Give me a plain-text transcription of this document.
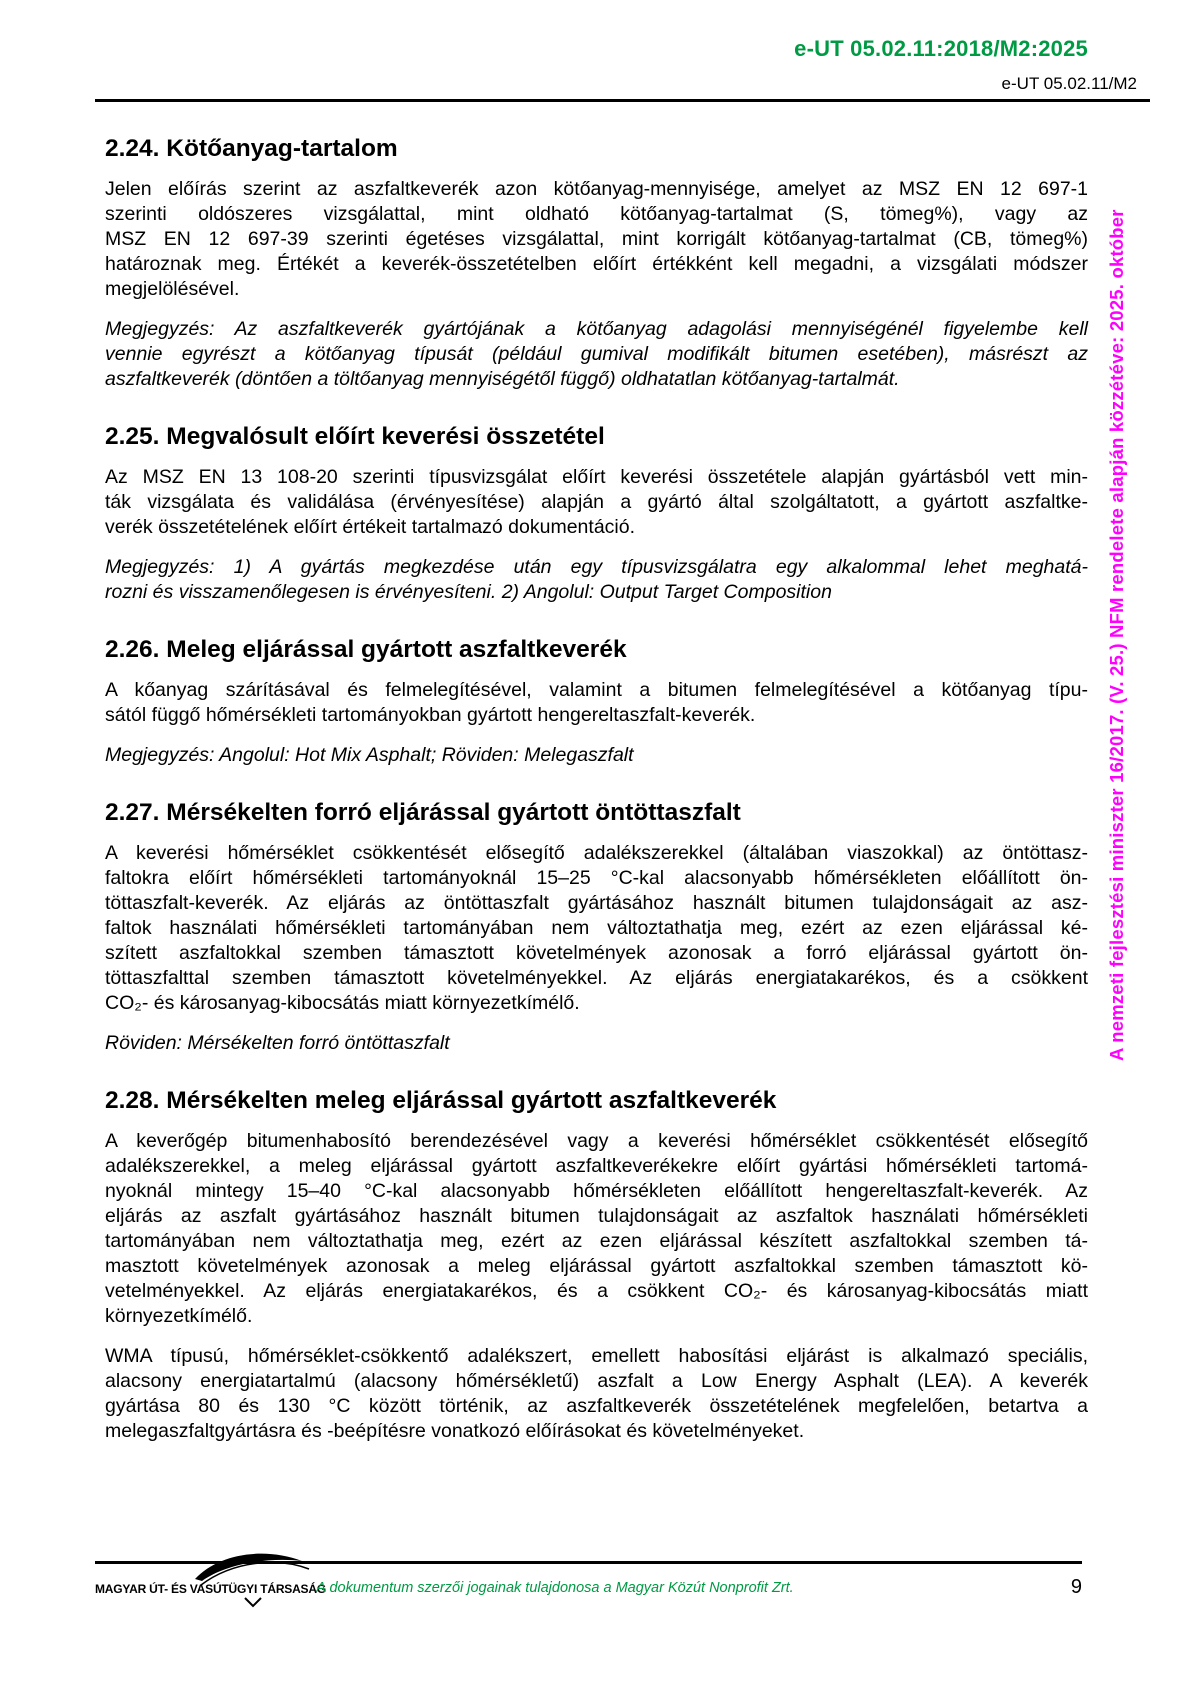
e-UT 05.02.11:2018/M2:2025
e-UT 05.02.11/M2
A nemzeti fejlesztési miniszter 16/2017. (V. 25.) NFM rendelete alapján közzétéve: 2025. október
2.24. Kötőanyag-tartalom
Jelen előírás szerint az aszfaltkeverék azon kötőanyag-mennyisége, amelyet az MSZ EN 12 697-1
szerinti oldószeres vizsgálattal, mint oldható kötőanyag-tartalmat (S, tömeg%), vagy az
MSZ EN 12 697-39 szerinti égetéses vizsgálattal, mint korrigált kötőanyag-tartalmat (CB, tömeg%)
határoznak meg. Értékét a keverék-összetételben előírt értékként kell megadni, a vizsgálati módszer
megjelölésével.
Megjegyzés: Az aszfaltkeverék gyártójának a kötőanyag adagolási mennyiségénél figyelembe kell
vennie egyrészt a kötőanyag típusát (például gumival modifikált bitumen esetében), másrészt az
aszfaltkeverék (döntően a töltőanyag mennyiségétől függő) oldhatatlan kötőanyag-tartalmát.
2.25. Megvalósult előírt keverési összetétel
Az MSZ EN 13 108-20 szerinti típusvizsgálat előírt keverési összetétele alapján gyártásból vett min-
ták vizsgálata és validálása (érvényesítése) alapján a gyártó által szolgáltatott, a gyártott aszfaltke-
verék összetételének előírt értékeit tartalmazó dokumentáció.
Megjegyzés: 1) A gyártás megkezdése után egy típusvizsgálatra egy alkalommal lehet meghatá-
rozni és visszamenőlegesen is érvényesíteni. 2) Angolul: Output Target Composition
2.26. Meleg eljárással gyártott aszfaltkeverék
A kőanyag szárításával és felmelegítésével, valamint a bitumen felmelegítésével a kötőanyag típu-
sától függő hőmérsékleti tartományokban gyártott hengereltaszfalt-keverék.
Megjegyzés: Angolul: Hot Mix Asphalt; Röviden: Melegaszfalt
2.27. Mérsékelten forró eljárással gyártott öntöttaszfalt
A keverési hőmérséklet csökkentését elősegítő adalékszerekkel (általában viaszokkal) az öntöttasz-
faltokra előírt hőmérsékleti tartományoknál 15–25 °C-kal alacsonyabb hőmérsékleten előállított ön-
töttaszfalt-keverék. Az eljárás az öntöttaszfalt gyártásához használt bitumen tulajdonságait az asz-
faltok használati hőmérsékleti tartományában nem változtathatja meg, ezért az ezen eljárással ké-
szített aszfaltokkal szemben támasztott követelmények azonosak a forró eljárással gyártott ön-
töttaszfalttal szemben támasztott követelményekkel. Az eljárás energiatakarékos, és a csökkent
CO₂- és károsanyag-kibocsátás miatt környezetkímélő.
Röviden: Mérsékelten forró öntöttaszfalt
2.28. Mérsékelten meleg eljárással gyártott aszfaltkeverék
A keverőgép bitumenhabosító berendezésével vagy a keverési hőmérséklet csökkentését elősegítő
adalékszerekkel, a meleg eljárással gyártott aszfaltkeverékekre előírt gyártási hőmérsékleti tartomá-
nyoknál mintegy 15–40 °C-kal alacsonyabb hőmérsékleten előállított hengereltaszfalt-keverék. Az
eljárás az aszfalt gyártásához használt bitumen tulajdonságait az aszfaltok használati hőmérsékleti
tartományában nem változtathatja meg, ezért az ezen eljárással készített aszfaltokkal szemben tá-
masztott követelmények azonosak a meleg eljárással gyártott aszfaltokkal szemben támasztott kö-
vetelményekkel. Az eljárás energiatakarékos, és a csökkent CO₂- és károsanyag-kibocsátás miatt
környezetkímélő.
WMA típusú, hőmérséklet-csökkentő adalékszert, emellett habosítási eljárást is alkalmazó speciális,
alacsony energiatartalmú (alacsony hőmérsékletű) aszfalt a Low Energy Asphalt (LEA). A keverék
gyártása 80 és 130 °C között történik, az aszfaltkeverék összetételének megfelelően, betartva a
melegaszfaltgyártásra és -beépítésre vonatkozó előírásokat és követelményeket.
MAGYAR ÚT- ÉS VASÚTÜGYI TÁRSASÁG
A dokumentum szerzői jogainak tulajdonosa a Magyar Közút Nonprofit Zrt.	9
